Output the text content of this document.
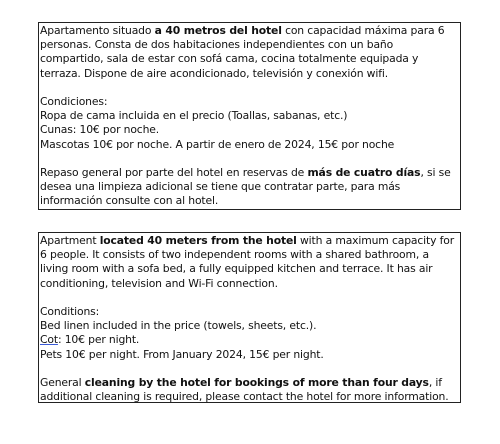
Apartamento situado a 40 metros del hotel con capacidad máxima para 6 personas. Consta de dos habitaciones independientes con un baño compartido, sala de estar con sofá cama, cocina totalmente equipada y terraza. Dispone de aire acondicionado, televisión y conexión wifi.

Condiciones:

Ropa de cama incluida en el precio (Toallas, sabanas, etc.)

Cunas: 10€ por noche.

Mascotas 10€ por noche. A partir de enero de 2024, 15€ por noche

Repaso general por parte del hotel en reservas de más de cuatro días, si se desea una limpieza adicional se tiene que contratar parte, para más información consulte con al hotel.

Apartment located 40 meters from the hotel with a maximum capacity for 6 people. It consists of two independent rooms with a shared bathroom, a living room with a sofa bed, a fully equipped kitchen and terrace. It has air conditioning, television and Wi-Fi connection.

Conditions:

Bed linen included in the price (towels, sheets, etc.).

Cot: 10€ per night.

Pets 10€ per night. From January 2024, 15€ per night.

General cleaning by the hotel for bookings of more than four days, if additional cleaning is required, please contact the hotel for more information.
